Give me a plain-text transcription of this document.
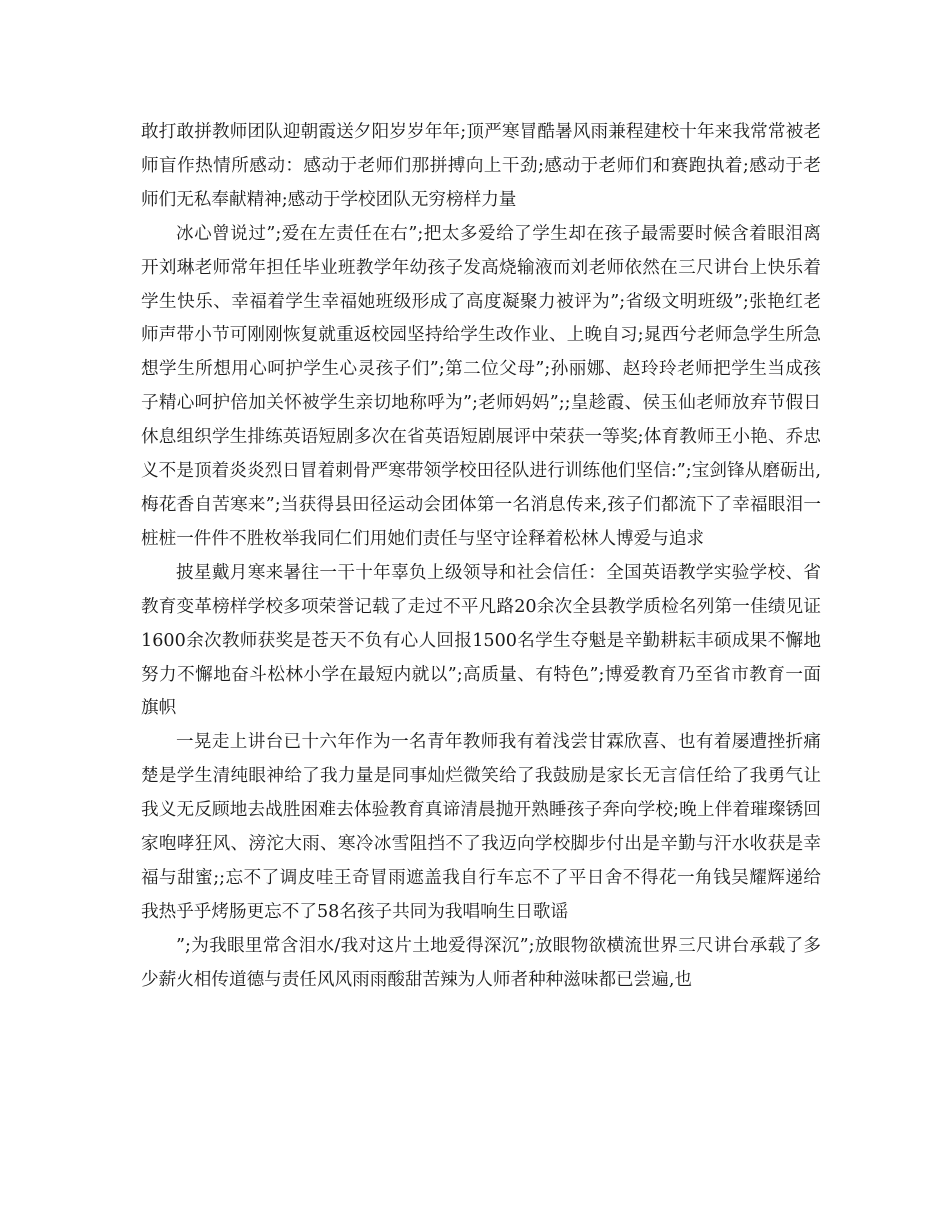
敢打敢拼教师团队迎朝霞送夕阳岁岁年年;顶严寒冒酷暑风雨兼程建校十年来我常常被老师盲作热情所感动：感动于老师们那拼搏向上干劲;感动于老师们和赛跑执着;感动于老师们无私奉献精神;感动于学校团队无穷榜样力量

冰心曾说过”;爱在左责任在右”;把太多爱给了学生却在孩子最需要时候含着眼泪离开刘琳老师常年担任毕业班教学年幼孩子发高烧输液而刘老师依然在三尺讲台上快乐着学生快乐、幸福着学生幸福她班级形成了高度凝聚力被评为”;省级文明班级”;张艳红老师声带小节可刚刚恢复就重返校园坚持给学生改作业、上晚自习;晁西兮老师急学生所急想学生所想用心呵护学生心灵孩子们”;第二位父母”;孙丽娜、赵玲玲老师把学生当成孩子精心呵护倍加关怀被学生亲切地称呼为”;老师妈妈”;;皇趁霞、侯玉仙老师放弃节假日休息组织学生排练英语短剧多次在省英语短剧展评中荣获一等奖;体育教师王小艳、乔忠义不是顶着炎炎烈日冒着刺骨严寒带领学校田径队进行训练他们坚信:”;宝剑锋从磨砺出,梅花香自苦寒来”;当获得县田径运动会团体第一名消息传来,孩子们都流下了幸福眼泪一桩桩一件件不胜枚举我同仁们用她们责任与坚守诠释着松林人博爱与追求

披星戴月寒来暑往一干十年辜负上级领导和社会信任：全国英语教学实验学校、省教育变革榜样学校多项荣誉记载了走过不平凡路20余次全县教学质检名列第一佳绩见证1600余次教师获奖是苍天不负有心人回报1500名学生夺魁是辛勤耕耘丰硕成果不懈地努力不懈地奋斗松林小学在最短内就以”;高质量、有特色”;博爱教育乃至省市教育一面旗帜

一晃走上讲台已十六年作为一名青年教师我有着浅尝甘霖欣喜、也有着屡遭挫折痛楚是学生清纯眼神给了我力量是同事灿烂微笑给了我鼓励是家长无言信任给了我勇气让我义无反顾地去战胜困难去体验教育真谛清晨抛开熟睡孩子奔向学校;晚上伴着璀璨锈回家咆哮狂风、滂沱大雨、寒冷冰雪阻挡不了我迈向学校脚步付出是辛勤与汗水收获是幸福与甜蜜;;忘不了调皮哇王奇冒雨遮盖我自行车忘不了平日舍不得花一角钱吴耀辉递给我热乎乎烤肠更忘不了58名孩子共同为我唱响生日歌谣

”;为我眼里常含泪水/我对这片土地爱得深沉”;放眼物欲横流世界三尺讲台承载了多少薪火相传道德与责任风风雨雨酸甜苦辣为人师者种种滋味都已尝遍,也
